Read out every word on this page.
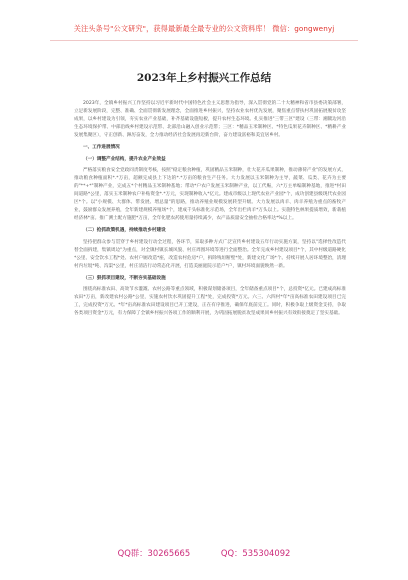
关注头条号"公文研究"，获得最新最全最专业的公文资料库！ 微信：gongwenyj
2023年上乡村振兴工作总结

2023年，全镇乡村振兴工作坚持以习近平新时代中国特色社会主义思想为指导，深入贯彻党的二十大精神和省市县委决策部署，立足新发展阶段，完整、准确、全面贯彻新发展理念，全面推进乡村振兴，坚持农业农村优先发展，聚焦重点帮扶村巩固拓展脱贫攻坚成果，以乡村建设为引领，夯实农业产业基础，补齐基础设施短板，提升农村生态环境。扎实推进"三带三区"建设（三带：湘赣边河沿生态环境保护带、中部沿线乡村建设示范带、北部沿山融入创业示范带；三区：*精品玉米制种区、*特色瓜果花卉制种区、*精耕产业发展集聚区），守正创新、踔厉奋发，全力推动经济社会发展再迈新台阶，奋力建设富裕和美宜居乡村。

一、工作进展情况
（一）调整产业结构，提升农业产业效益

严格落实粮食安全党政同责制度考核，按照"稳定粮食种植，巩固精品玉米制种，壮大花卉瓜果制种，推动薄荷产业"的发展方式，推动粮食种植面积*.*万亩，超额完成县上下达的*.*万亩的粮食生产任务。大力发展以玉米制种为主导，蔬菜、瓜类、花卉为主要的"**+*"制种产业，完成五*个村精品玉米制种基地；带动*户农户发展玉米制种产业，以工代赈，六*万主单编制种基地，推进*村田间道路*公里，落实玉米制种农户补贴资金*.*万元，实现制种收入*亿元。建成市级以上现代农业产业园*个，成功创建县级现代农业园区*个。以"小规模、大群体、带发展、增总量"的思路，推动养殖业规模发展转型升级。大力发展以肉羊、肉羊养殖为重点的畜牧产业，鼓励群众发展养殖，全年新建规模养殖场*个，建成千头标准化示范场，全年出栏肉羊*万头以上。实施特色林果提质增效，新栽植经济林*亩。推广测土配方施肥*万亩，全年化肥农药使用量持续减少，农产品质量安全抽检合格率达*%以上。

（二）抢抓政策机遇，持续推动乡村建设

坚持把群众参与贯穿于乡村建设行动全过程，各环节，采取多种方式广泛宣传乡村建设五年行动实施方案，坚持以"选择性改造代替全面拆建，集镇周边"为重点，对全镇村镇长城风貌、村庄周围环境等进行全面整治。全年完成乡村建设项目*个，其中村级道路硬化*公里、安全饮水工程*处、农村户厕改造*座，改造农村危房*户，拆除残垣断壁*处，新建文化广场*个。持续开展人居环境整治，清理村内垃圾*吨、沟渠*公里，村庄清洁行动常态化开展，打造美丽庭院示范户*户，镇村环境面貌焕然一新。

（三）狠抓项目建设，不断夯实基础设施

围绕高标准农田、高效节水灌溉、农村公路等重点领域，积极谋划储备项目，全年储备重点项目*个，总投资*亿元。已建成高标准农田*万亩，新改建农村公路*公里，实施农村饮水巩固提升工程*处，完成投资*万元。六三、六四村*年*亩高标准农田建设项目已完工，完成投资*万元。*年*亩高标准农田建设项目已开工建设，正在有序推进，确保年底前完工。同时，积极争取上级资金支持，争取各类项目资金*万元，有力保障了全镇乡村振兴各项工作的顺利开展，为巩固拓展脱贫攻坚成果同乡村振兴有效衔接奠定了坚实基础。

QQ群：30265665	QQ：535304092
